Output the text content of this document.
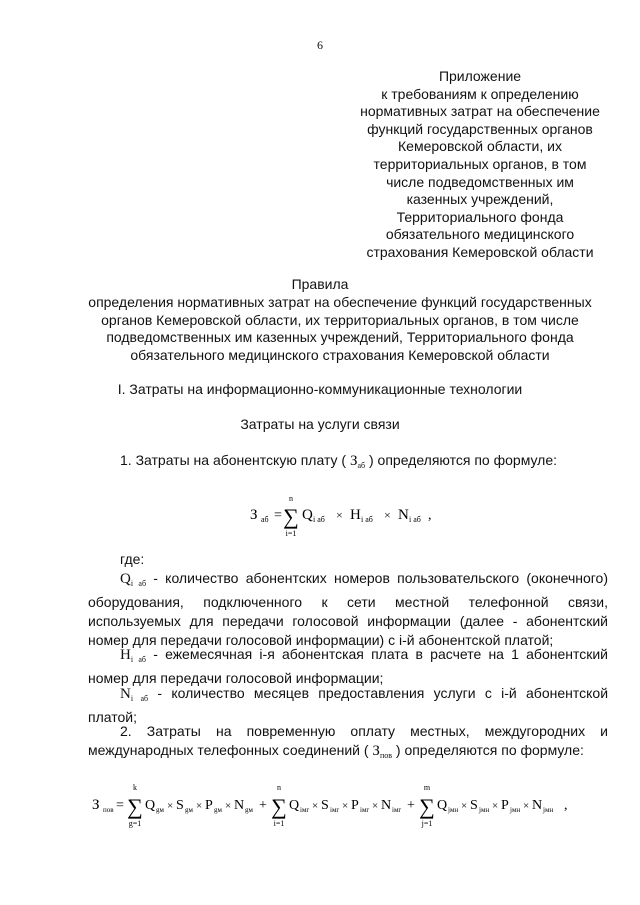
6
Приложение
к требованиям к определению
нормативных затрат на обеспечение
функций государственных органов
Кемеровской области, их
территориальных органов, в том
числе подведомственных им
казенных учреждений,
Территориального фонда
обязательного медицинского
страхования Кемеровской области
Правила
определения нормативных затрат на обеспечение функций государственных
органов Кемеровской области, их территориальных органов, в том числе
подведомственных им казенных учреждений, Территориального фонда
обязательного медицинского страхования Кемеровской области
I. Затраты на информационно-коммуникационные технологии
Затраты на услуги связи
1. Затраты на абонентскую плату ( $З_{аб}$ ) определяются по формуле:
З аб =
n
∑
i=1
Q i аб × H i аб × N i аб ,
где:
$Q_{i аб}$ - количество абонентских номеров пользовательского (оконечного)
оборудования, подключенного к сети местной телефонной связи,
используемых для передачи голосовой информации (далее - абонентский
номер для передачи голосовой информации) с i-й абонентской платой;
$H_{i аб}$ - ежемесячная i-я абонентская плата в расчете на 1 абонентский
номер для передачи голосовой информации;
$N_{i аб}$ - количество месяцев предоставления услуги с i-й абонентской
платой;
2. Затраты на повременную оплату местных, междугородних и
международных телефонных соединений ( $З_{пов}$ ) определяются по формуле:
З пов =
k
∑
g=1
Q gм × S gм × P gм × N gм +
n
∑
i=1
Q iмг × S iмг × P iмг × N iмг +
m
∑
j=1
Q jмн × S jмн × P jмн × N jмн ,
